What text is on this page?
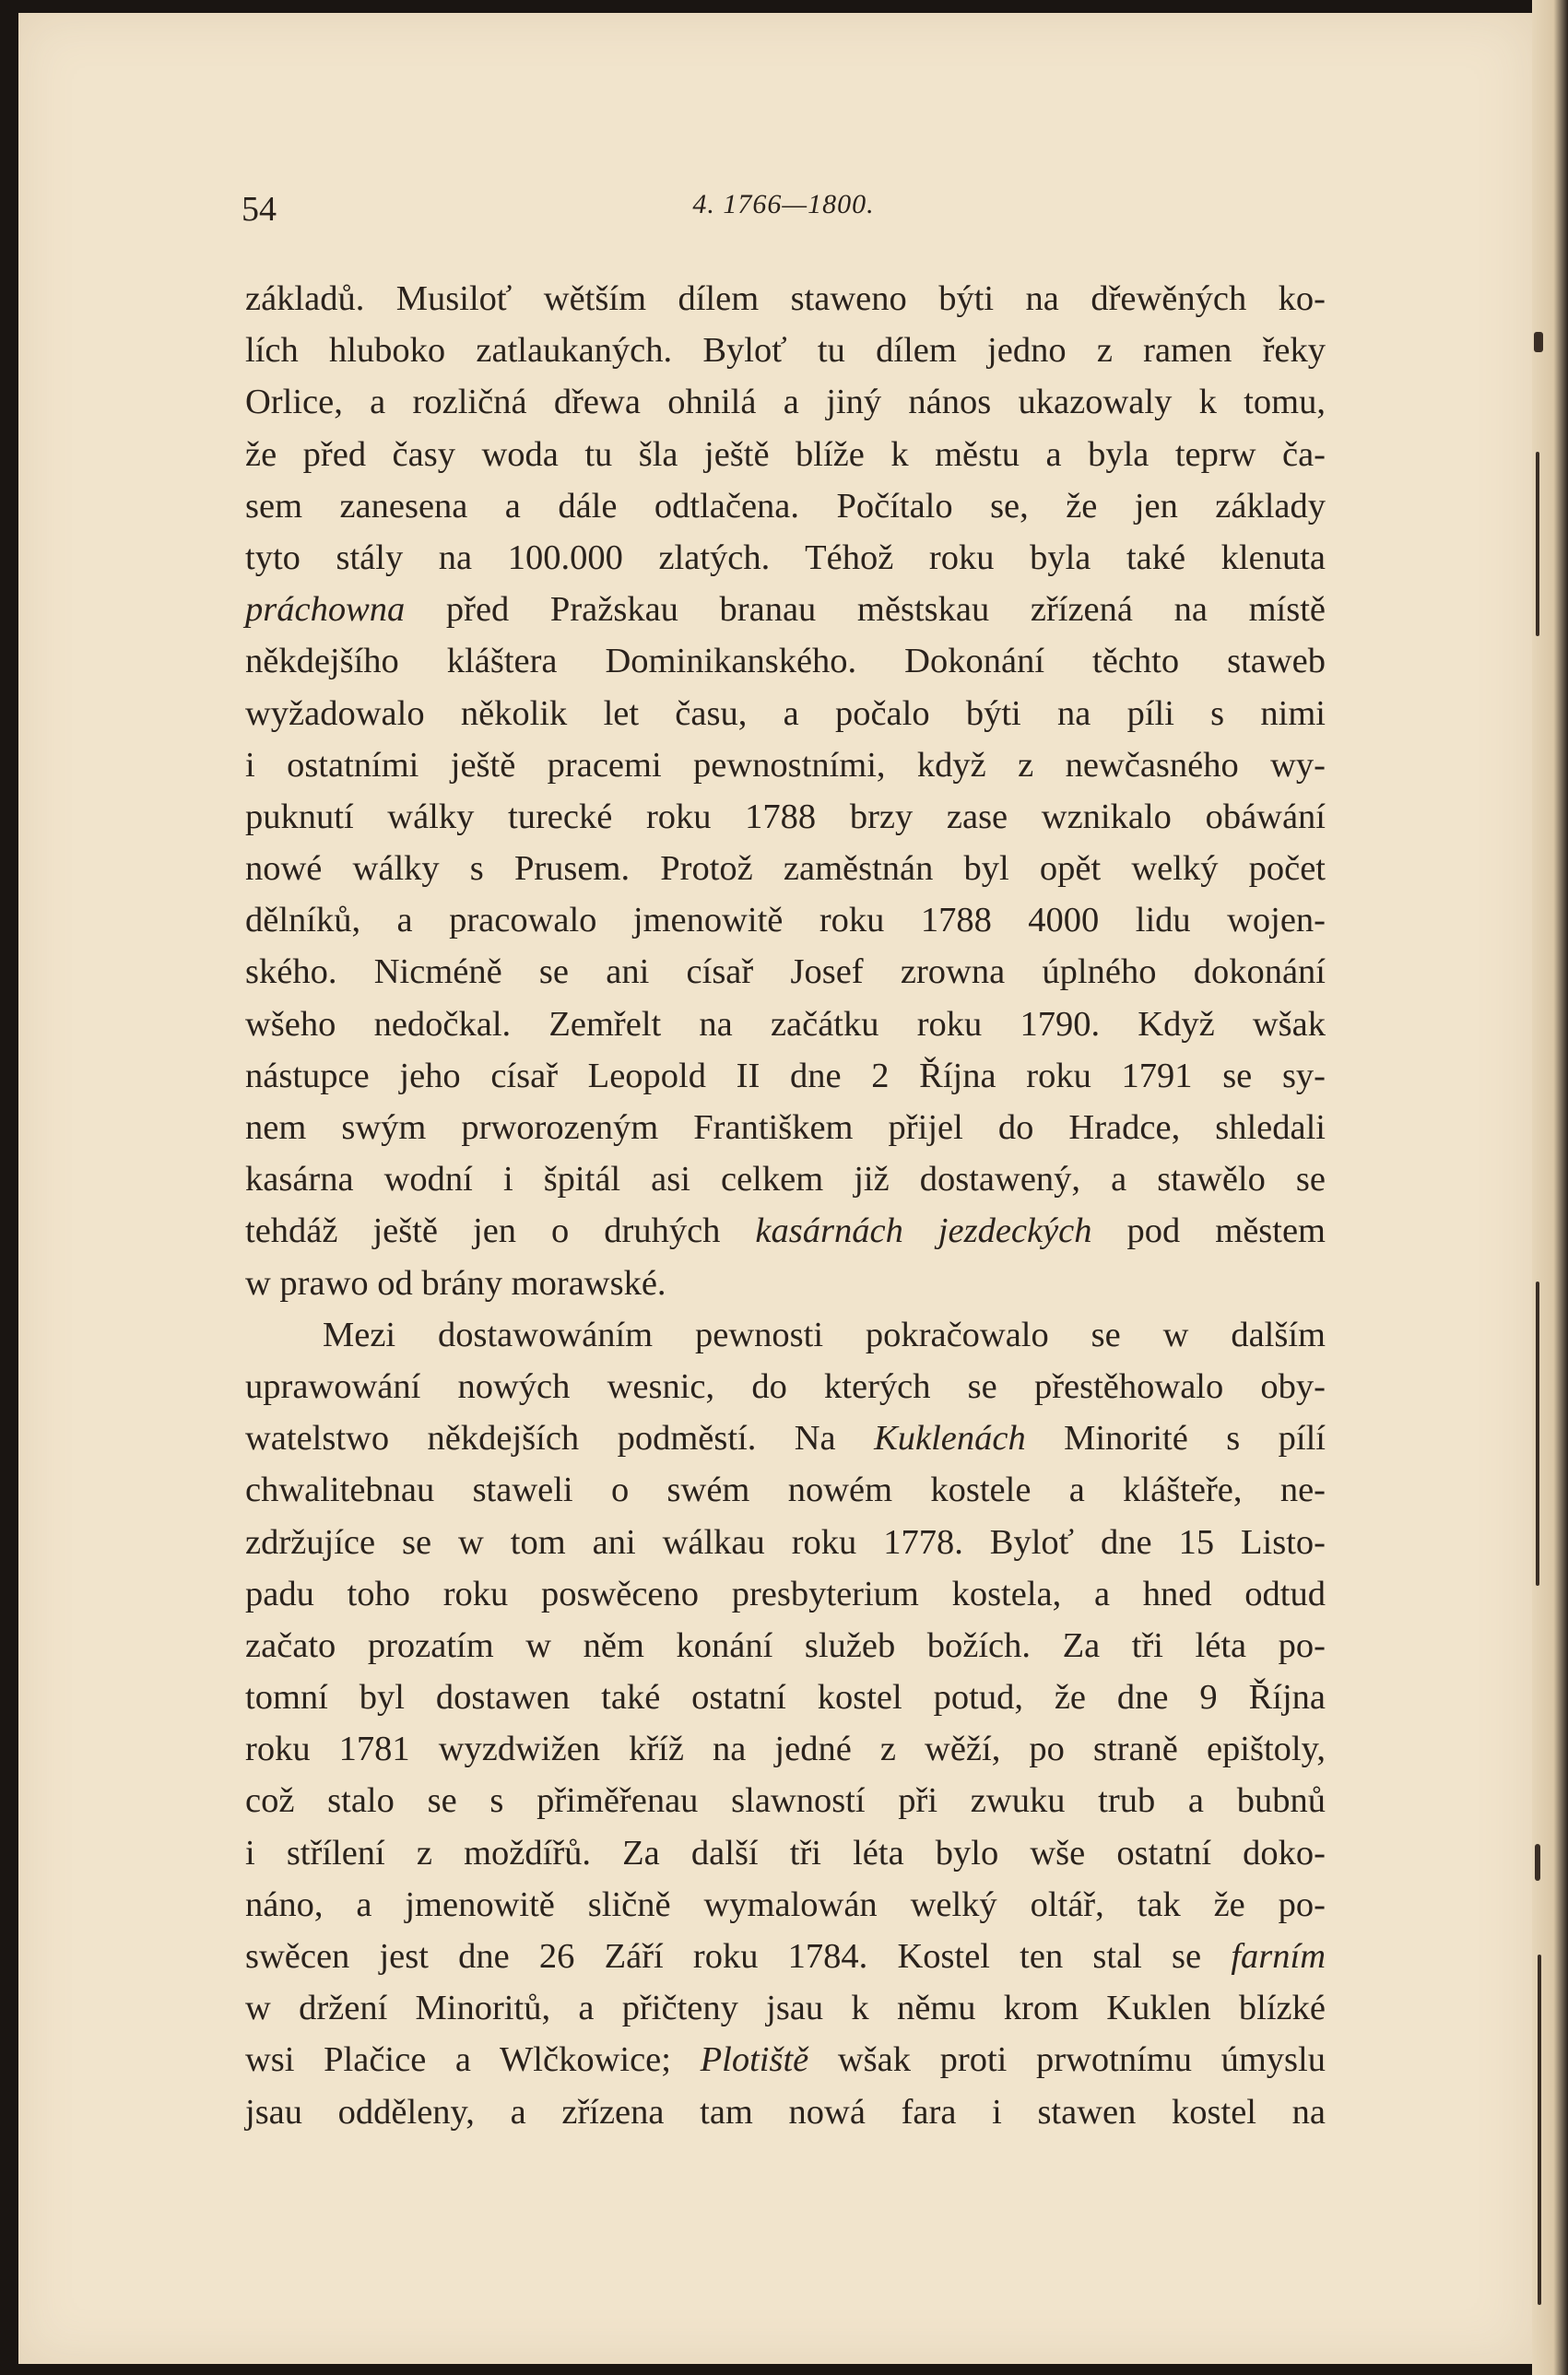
54	4. 1766—1800.
základů. Musiloť wětším dílem staweno býti na dřewěných ko-
lích hluboko zatlaukaných. Byloť tu dílem jedno z ramen řeky
Orlice, a rozličná dřewa ohnilá a jiný nános ukazowaly k tomu,
že před časy woda tu šla ještě blíže k městu a byla teprw ča-
sem zanesena a dále odtlačena. Počítalo se, že jen základy
tyto stály na 100.000 zlatých. Téhož roku byla také klenuta
práchowna před Pražskau branau městskau zřízená na místě
někdejšího kláštera Dominikanského. Dokonání těchto staweb
wyžadowalo několik let času, a počalo býti na píli s nimi
i ostatními ještě pracemi pewnostními, když z newčasného wy-
puknutí wálky turecké roku 1788 brzy zase wznikalo obáwání
nowé wálky s Prusem. Protož zaměstnán byl opět welký počet
dělníků, a pracowalo jmenowitě roku 1788 4000 lidu wojen-
ského. Nicméně se ani císař Josef zrowna úplného dokonání
wšeho nedočkal. Zemřelt na začátku roku 1790. Když wšak
nástupce jeho císař Leopold II dne 2 Října roku 1791 se sy-
nem swým prworozeným Františkem přijel do Hradce, shledali
kasárna wodní i špitál asi celkem již dostawený, a stawělo se
tehdáž ještě jen o druhých kasárnách jezdeckých pod městem
w prawo od brány morawské.
Mezi dostawowáním pewnosti pokračowalo se w dalším
uprawowání nowých wesnic, do kterých se přestěhowalo oby-
watelstwo někdejších podměstí. Na Kuklenách Minorité s pílí
chwalitebnau staweli o swém nowém kostele a klášteře, ne-
zdržujíce se w tom ani wálkau roku 1778. Byloť dne 15 Listo-
padu toho roku poswěceno presbyterium kostela, a hned odtud
začato prozatím w něm konání služeb božích. Za tři léta po-
tomní byl dostawen také ostatní kostel potud, že dne 9 Října
roku 1781 wyzdwižen kříž na jedné z wěží, po straně epištoly,
což stalo se s přiměřenau slawností při zwuku trub a bubnů
i střílení z moždířů. Za další tři léta bylo wše ostatní doko-
náno, a jmenowitě sličně wymalowán welký oltář, tak že po-
swěcen jest dne 26 Září roku 1784. Kostel ten stal se farním
w držení Minoritů, a přičteny jsau k němu krom Kuklen blízké
wsi Plačice a Wlčkowice; Plotiště wšak proti prwotnímu úmyslu
jsau odděleny, a zřízena tam nowá fara i stawen kostel na
